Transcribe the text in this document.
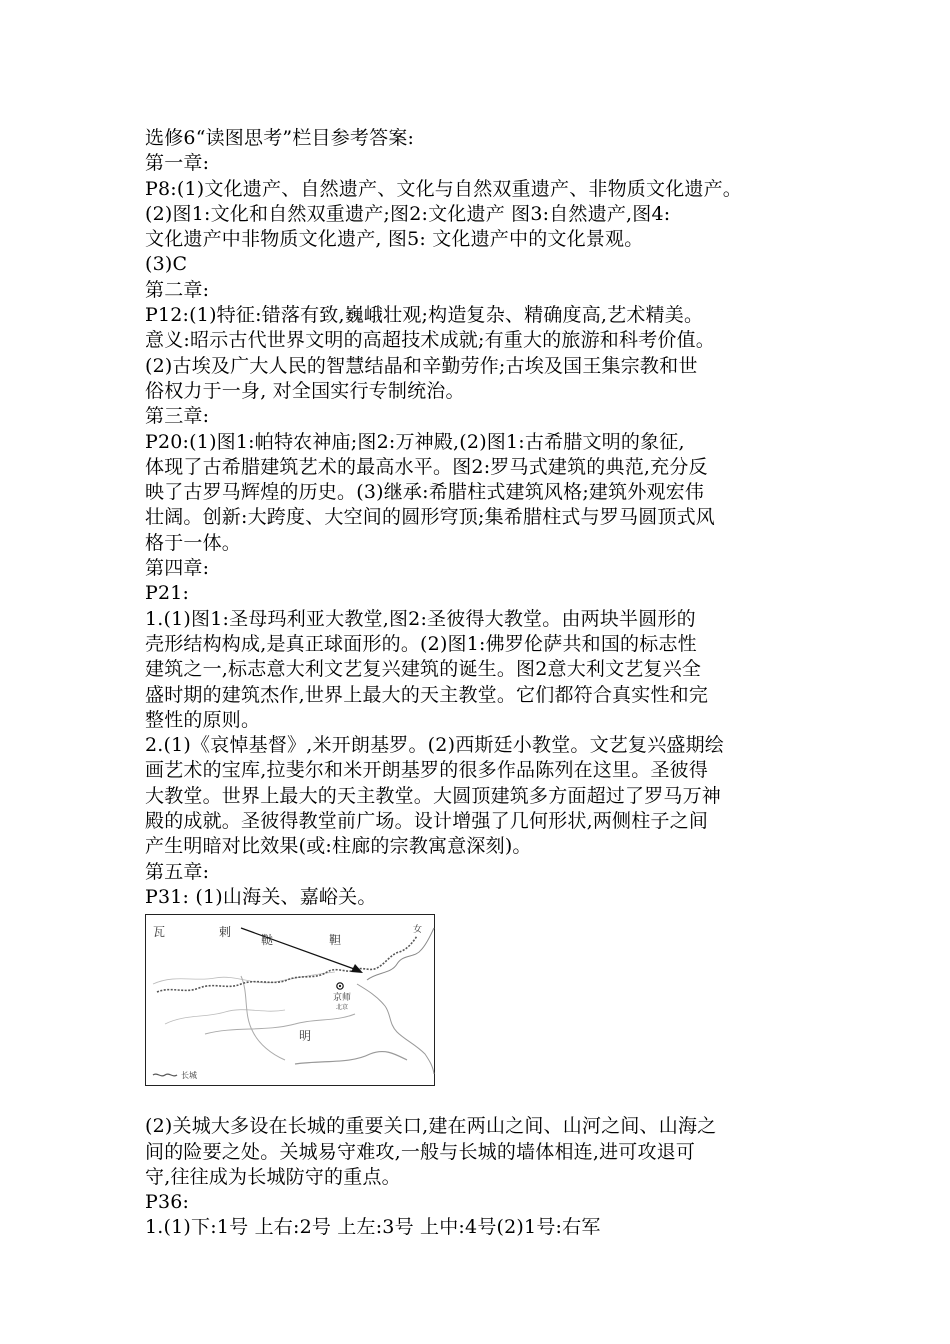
选修6“读图思考”栏目参考答案:
第一章:
P8:(1)文化遗产、自然遗产、文化与自然双重遗产、非物质文化遗产。
(2)图1:文化和自然双重遗产;图2:文化遗产 图3:自然遗产,图4:
文化遗产中非物质文化遗产, 图5: 文化遗产中的文化景观。
(3)C
第二章:
P12:(1)特征:错落有致,巍峨壮观;构造复杂、精确度高,艺术精美。
意义:昭示古代世界文明的高超技术成就;有重大的旅游和科考价值。
(2)古埃及广大人民的智慧结晶和辛勤劳作;古埃及国王集宗教和世
俗权力于一身, 对全国实行专制统治。
第三章:
P20:(1)图1:帕特农神庙;图2:万神殿,(2)图1:古希腊文明的象征,
体现了古希腊建筑艺术的最高水平。图2:罗马式建筑的典范,充分反
映了古罗马辉煌的历史。(3)继承:希腊柱式建筑风格;建筑外观宏伟
壮阔。创新:大跨度、大空间的圆形穹顶;集希腊柱式与罗马圆顶式风
格于一体。
第四章:
P21:
1.(1)图1:圣母玛利亚大教堂,图2:圣彼得大教堂。由两块半圆形的
壳形结构构成,是真正球面形的。(2)图1:佛罗伦萨共和国的标志性
建筑之一,标志意大利文艺复兴建筑的诞生。图2意大利文艺复兴全
盛时期的建筑杰作,世界上最大的天主教堂。它们都符合真实性和完
整性的原则。
2.(1)《哀悼基督》,米开朗基罗。(2)西斯廷小教堂。文艺复兴盛期绘
画艺术的宝库,拉斐尔和米开朗基罗的很多作品陈列在这里。圣彼得
大教堂。世界上最大的天主教堂。大圆顶建筑多方面超过了罗马万神
殿的成就。圣彼得教堂前广场。设计增强了几何形状,两侧柱子之间
产生明暗对比效果(或:柱廊的宗教寓意深刻)。
第五章:
P31: (1)山海关、嘉峪关。
瓦	剌
鞑	靼
女
明
京师
北京
长城
(2)关城大多设在长城的重要关口,建在两山之间、山河之间、山海之
间的险要之处。关城易守难攻,一般与长城的墙体相连,进可攻退可
守,往往成为长城防守的重点。
P36:
1.(1)下:1号 上右:2号 上左:3号 上中:4号(2)1号:右军
